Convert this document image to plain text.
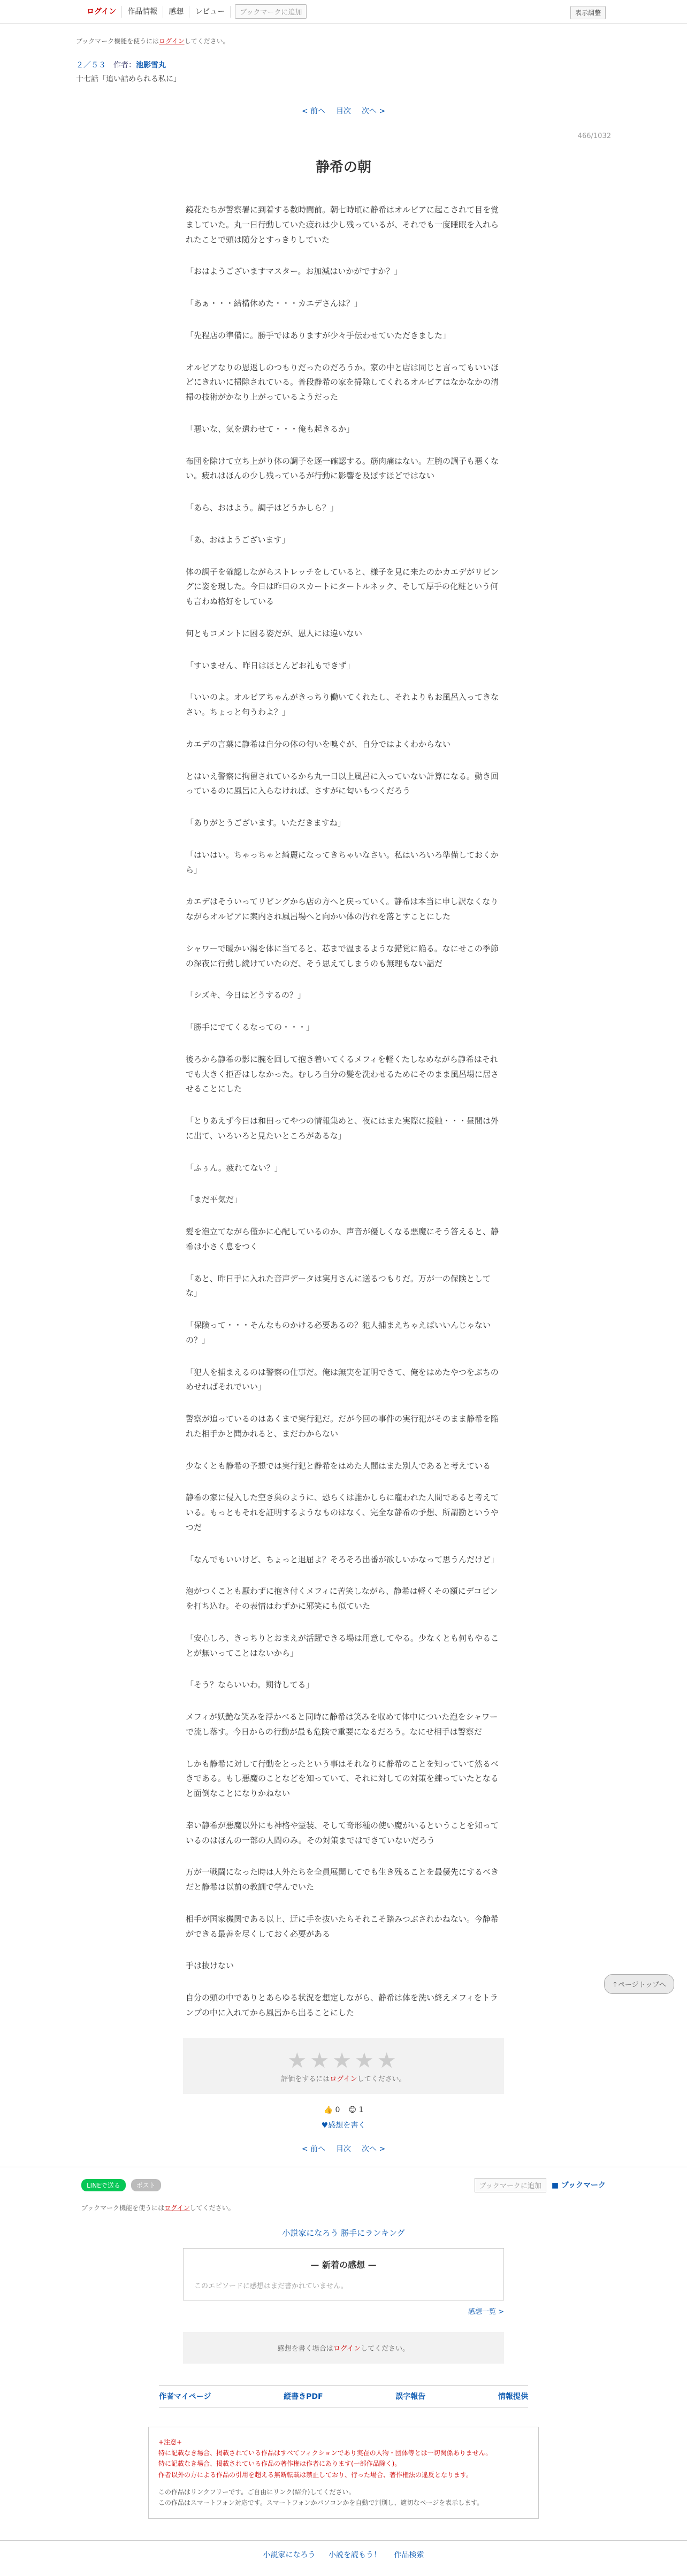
ログイン	作品情報	感想	レビュー	ブックマークに追加	表示調整
ブックマーク機能を使うにはログインしてください。
２／５３　 作者：池影雪丸
十七話「追い詰められる私に」
< 前へ 目次 次へ >
466/1032
静希の朝

鏡花たちが警察署に到着する数時間前。朝七時頃に静希はオルビアに起こされて目を覚ましていた。丸一日行動していた疲れは少し残っているが、それでも一度睡眠を入れられたことで頭は随分とすっきりしていた

「おはようございますマスター。お加減はいかがですか？」

「あぁ・・・結構休めた・・・カエデさんは？」

「先程店の準備に。勝手ではありますが少々手伝わせていただきました」

オルビアなりの恩返しのつもりだったのだろうか。家の中と店は同じと言ってもいいほどにきれいに掃除されている。普段静希の家を掃除してくれるオルビアはなかなかの清掃の技術がかなり上がっているようだった

「悪いな、気を遣わせて・・・俺も起きるか」

布団を除けて立ち上がり体の調子を逐一確認する。筋肉痛はない。左腕の調子も悪くない。疲れはほんの少し残っているが行動に影響を及ぼすほどではない

「あら、おはよう。調子はどうかしら？」

「あ、おはようございます」

体の調子を確認しながらストレッチをしていると、様子を見に来たのかカエデがリビングに姿を現した。今日は昨日のスカートにタートルネック、そして厚手の化粧という何も言わぬ格好をしている

何ともコメントに困る姿だが、恩人には違いない

「すいません、昨日はほとんどお礼もできず」

「いいのよ。オルビアちゃんがきっちり働いてくれたし、それよりもお風呂入ってきなさい。ちょっと匂うわよ？」

カエデの言葉に静希は自分の体の匂いを嗅ぐが、自分ではよくわからない

とはいえ警察に拘留されているから丸一日以上風呂に入っていない計算になる。動き回っているのに風呂に入らなければ、さすがに匂いもつくだろう

「ありがとうございます。いただきますね」

「はいはい。ちゃっちゃと綺麗になってきちゃいなさい。私はいろいろ準備しておくから」

カエデはそういってリビングから店の方へと戻っていく。静希は本当に申し訳なくなりながらオルビアに案内され風呂場へと向かい体の汚れを落とすことにした

シャワーで暖かい湯を体に当てると、芯まで温まるような錯覚に陥る。なにせこの季節の深夜に行動し続けていたのだ、そう思えてしまうのも無理もない話だ

「シズキ、今日はどうするの？」

「勝手にでてくるなっての・・・」

後ろから静希の影に腕を回して抱き着いてくるメフィを軽くたしなめながら静希はそれでも大きく拒否はしなかった。むしろ自分の髪を洗わせるためにそのまま風呂場に居させることにした

「とりあえず今日は和田ってやつの情報集めと、夜にはまた実際に接触・・・昼間は外に出て、いろいろと見たいところがあるな」

「ふぅん。疲れてない？」

「まだ平気だ」

髪を泡立てながら僅かに心配しているのか、声音が優しくなる悪魔にそう答えると、静希は小さく息をつく

「あと、昨日手に入れた音声データは実月さんに送るつもりだ。万が一の保険としてな」

「保険って・・・そんなものかける必要あるの？犯人捕まえちゃえばいいんじゃないの？」

「犯人を捕まえるのは警察の仕事だ。俺は無実を証明できて、俺をはめたやつをぶちのめせればそれでいい」

警察が追っているのはあくまで実行犯だ。だが今回の事件の実行犯がそのまま静希を陥れた相手かと聞かれると、まだわからない

少なくとも静希の予想では実行犯と静希をはめた人間はまた別人であると考えている

静希の家に侵入した空き巣のように、恐らくは誰かしらに雇われた人間であると考えている。もっともそれを証明するようなものはなく、完全な静希の予想、所謂勘というやつだ

「なんでもいいけど、ちょっと退屈よ？そろそろ出番が欲しいかなって思うんだけど」

泡がつくことも厭わずに抱き付くメフィに苦笑しながら、静希は軽くその額にデコピンを打ち込む。その表情はわずかに邪笑にも似ていた

「安心しろ、きっちりとおまえが活躍できる場は用意してやる。少なくとも何もやることが無いってことはないから」

「そう？ならいいわ。期待してる」

メフィが妖艶な笑みを浮かべると同時に静希は笑みを収めて体中についた泡をシャワーで流し落す。今日からの行動が最も危険で重要になるだろう。なにせ相手は警察だ

しかも静希に対して行動をとったという事はそれなりに静希のことを知っていて然るべきである。もし悪魔のことなどを知っていて、それに対しての対策を練っていたとなると面倒なことになりかねない

幸い静希が悪魔以外にも神格や霊装、そして奇形種の使い魔がいるということを知っているのはほんの一部の人間のみ。その対策まではできていないだろう

万が一戦闘になった時は人外たちを全員展開してでも生き残ることを最優先にするべきだと静希は以前の教訓で学んでいた

相手が国家機関である以上、迂に手を抜いたらそれこそ踏みつぶされかねない。今静希ができる最善を尽くしておく必要がある

手は抜けない

自分の頭の中でありとあらゆる状況を想定しながら、静希は体を洗い終えメフィをトランプの中に入れてから風呂から出ることにした

↑ページトップへ
★★★★★
評価をするにはログインしてください。
👍 0 😊 1
♥感想を書く
< 前へ 目次 次へ >
LINEで送る	ポスト	ブックマークに追加	■ ブックマーク
ブックマーク機能を使うにはログインしてください。
小説家になろう 勝手にランキング
— 新着の感想 —
このエピソードに感想はまだ書かれていません。
感想一覧 >
感想を書く場合はログインしてください。
作者マイページ	縦書きPDF	誤字報告	情報提供
+注意+
特に記載なき場合、掲載されている作品はすべてフィクションであり実在の人物・団体等とは一切関係ありません。
特に記載なき場合、掲載されている作品の著作権は作者にあります(一部作品除く)。
作者以外の方による作品の引用を超える無断転載は禁止しており、行った場合、著作権法の違反となります。
この作品はリンクフリーです。ご自由にリンク(紹介)してください。
この作品はスマートフォン対応です。スマートフォンかパソコンかを自動で判別し、適切なページを表示します。
小説家になろう 小説を読もう！ 作品検索
